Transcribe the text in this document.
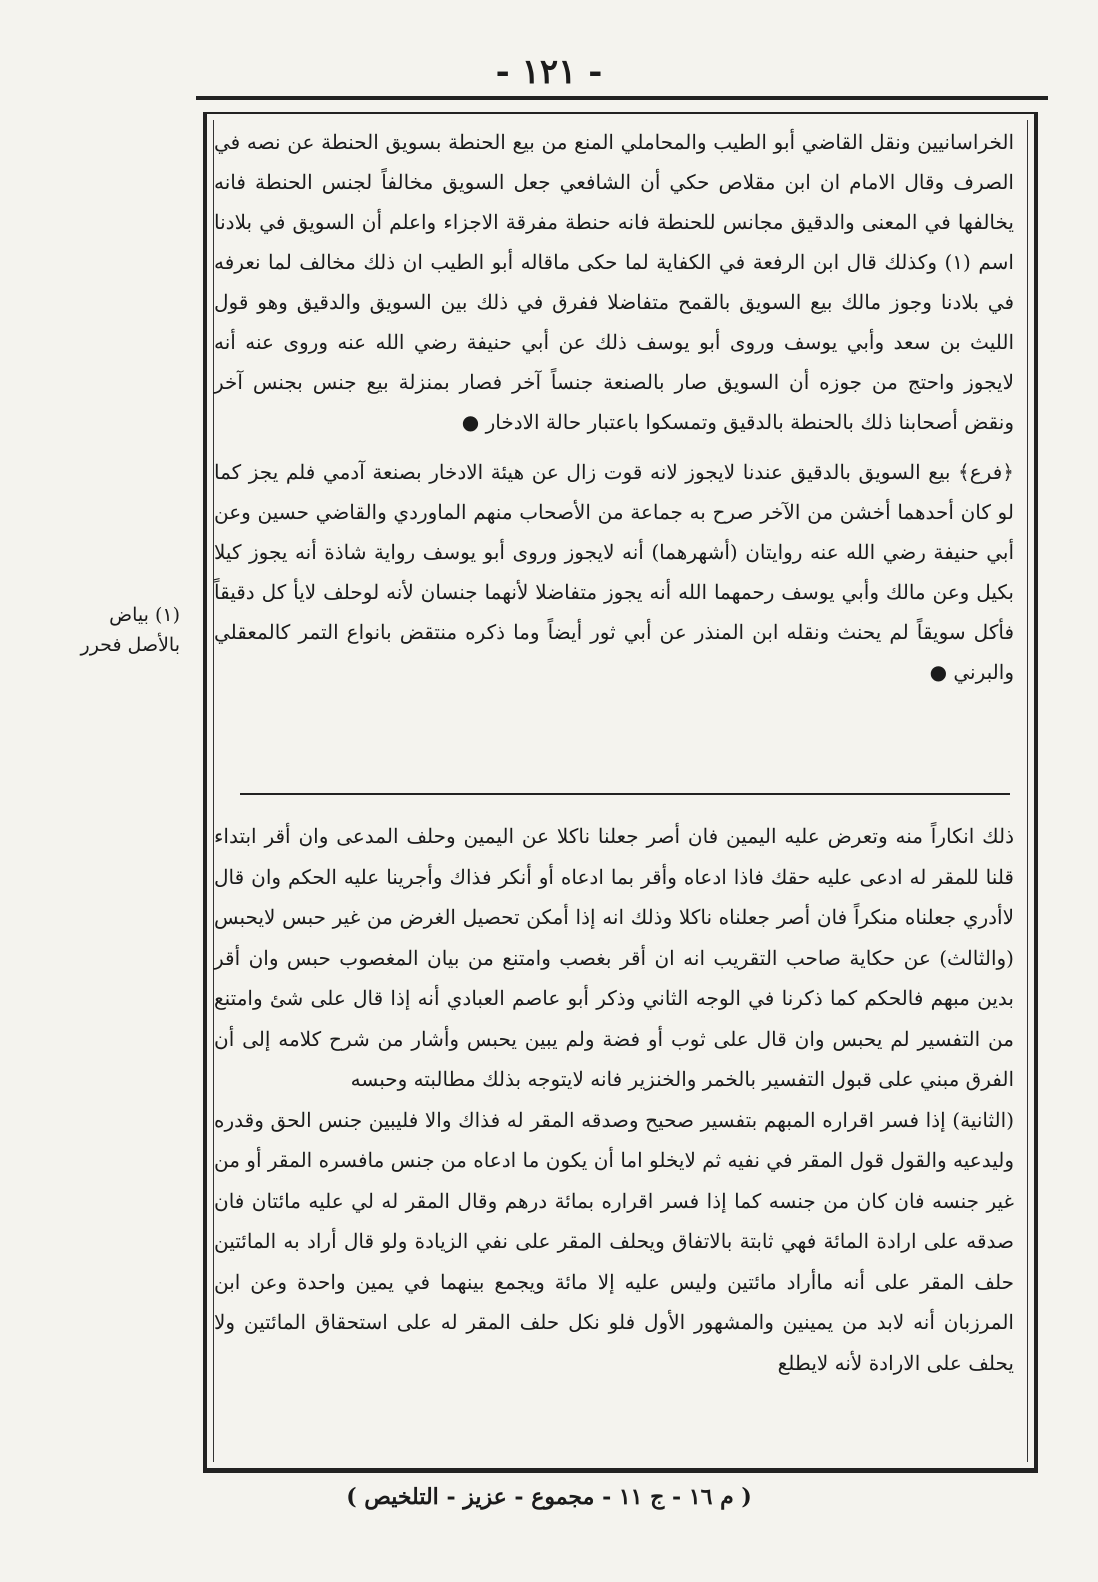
- ١٢١ -

الخراسانيين ونقل القاضي أبو الطيب والمحاملي المنع من بيع الحنطة بسويق الحنطة عن نصه في الصرف وقال الامام ان ابن مقلاص حكي أن الشافعي جعل السويق مخالفاً لجنس الحنطة فانه يخالفها في المعنى والدقيق مجانس للحنطة فانه حنطة مفرقة الاجزاء واعلم أن السويق في بلادنا اسم (١) وكذلك قال ابن الرفعة في الكفاية لما حكى ماقاله أبو الطيب ان ذلك مخالف لما نعرفه في بلادنا وجوز مالك بيع السويق بالقمح متفاضلا ففرق في ذلك بين السويق والدقيق وهو قول الليث بن سعد وأبي يوسف وروى أبو يوسف ذلك عن أبي حنيفة رضي الله عنه وروى عنه أنه لايجوز واحتج من جوزه أن السويق صار بالصنعة جنساً آخر فصار بمنزلة بيع جنس بجنس آخر ونقض أصحابنا ذلك بالحنطة بالدقيق وتمسكوا باعتبار حالة الادخار ●

﴿فرع﴾ بيع السويق بالدقيق عندنا لايجوز لانه قوت زال عن هيئة الادخار بصنعة آدمي فلم يجز كما لو كان أحدهما أخشن من الآخر صرح به جماعة من الأصحاب منهم الماوردي والقاضي حسين وعن أبي حنيفة رضي الله عنه روايتان (أشهرهما) أنه لايجوز وروى أبو يوسف رواية شاذة أنه يجوز كيلا بكيل وعن مالك وأبي يوسف رحمهما الله أنه يجوز متفاضلا لأنهما جنسان لأنه لوحلف لايأ كل دقيقاً فأكل سويقاً لم يحنث ونقله ابن المنذر عن أبي ثور أيضاً وما ذكره منتقض بانواع التمر كالمعقلي والبرني ●

ذلك انكاراً منه وتعرض عليه اليمين فان أصر جعلنا ناكلا عن اليمين وحلف المدعى وان أقر ابتداء قلنا للمقر له ادعى عليه حقك فاذا ادعاه وأقر بما ادعاه أو أنكر فذاك وأجرينا عليه الحكم وان قال لاأدري جعلناه منكراً فان أصر جعلناه ناكلا وذلك انه إذا أمكن تحصيل الغرض من غير حبس لايحبس (والثالث) عن حكاية صاحب التقريب انه ان أقر بغصب وامتنع من بيان المغصوب حبس وان أقر بدين مبهم فالحكم كما ذكرنا في الوجه الثاني وذكر أبو عاصم العبادي أنه إذا قال على شئ وامتنع من التفسير لم يحبس وان قال على ثوب أو فضة ولم يبين يحبس وأشار من شرح كلامه إلى أن الفرق مبني على قبول التفسير بالخمر والخنزير فانه لايتوجه بذلك مطالبته وحبسه

(الثانية) إذا فسر اقراره المبهم بتفسير صحيح وصدقه المقر له فذاك والا فليبين جنس الحق وقدره وليدعيه والقول قول المقر في نفيه ثم لايخلو اما أن يكون ما ادعاه من جنس مافسره المقر أو من غير جنسه فان كان من جنسه كما إذا فسر اقراره بمائة درهم وقال المقر له لي عليه مائتان فان صدقه على ارادة المائة فهي ثابتة بالاتفاق ويحلف المقر على نفي الزيادة ولو قال أراد به المائتين حلف المقر على أنه ماأراد مائتين وليس عليه إلا مائة ويجمع بينهما في يمين واحدة وعن ابن المرزبان أنه لابد من يمينين والمشهور الأول فلو نكل حلف المقر له على استحقاق المائتين ولا يحلف على الارادة لأنه لايطلع

(١) بياض بالأصل فحرر
( م ١٦ - ج ١١ - مجموع - عزيز - التلخيص )
